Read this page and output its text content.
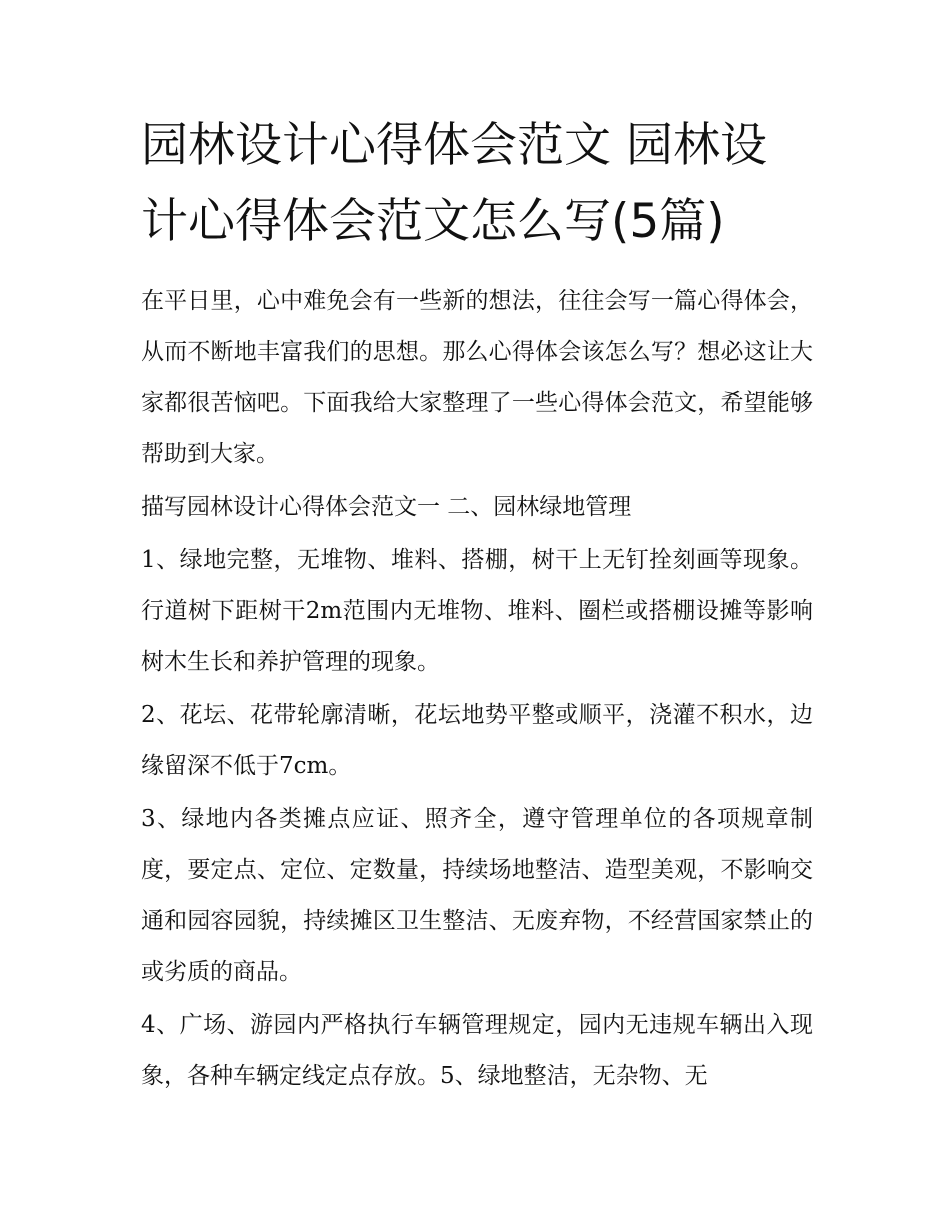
园林设计心得体会范文 园林设计心得体会范文怎么写(5篇)

在平日里，心中难免会有一些新的想法，往往会写一篇心得体会，从而不断地丰富我们的思想。那么心得体会该怎么写？想必这让大家都很苦恼吧。下面我给大家整理了一些心得体会范文，希望能够帮助到大家。

描写园林设计心得体会范文一 二、园林绿地管理

1、绿地完整，无堆物、堆料、搭棚，树干上无钉拴刻画等现象。行道树下距树干2m范围内无堆物、堆料、圈栏或搭棚设摊等影响树木生长和养护管理的现象。

2、花坛、花带轮廓清晰，花坛地势平整或顺平，浇灌不积水，边缘留深不低于7cm。

3、绿地内各类摊点应证、照齐全，遵守管理单位的各项规章制度，要定点、定位、定数量，持续场地整洁、造型美观，不影响交通和园容园貌，持续摊区卫生整洁、无废弃物，不经营国家禁止的或劣质的商品。

4、广场、游园内严格执行车辆管理规定，园内无违规车辆出入现象，各种车辆定线定点存放。5、绿地整洁，无杂物、无
